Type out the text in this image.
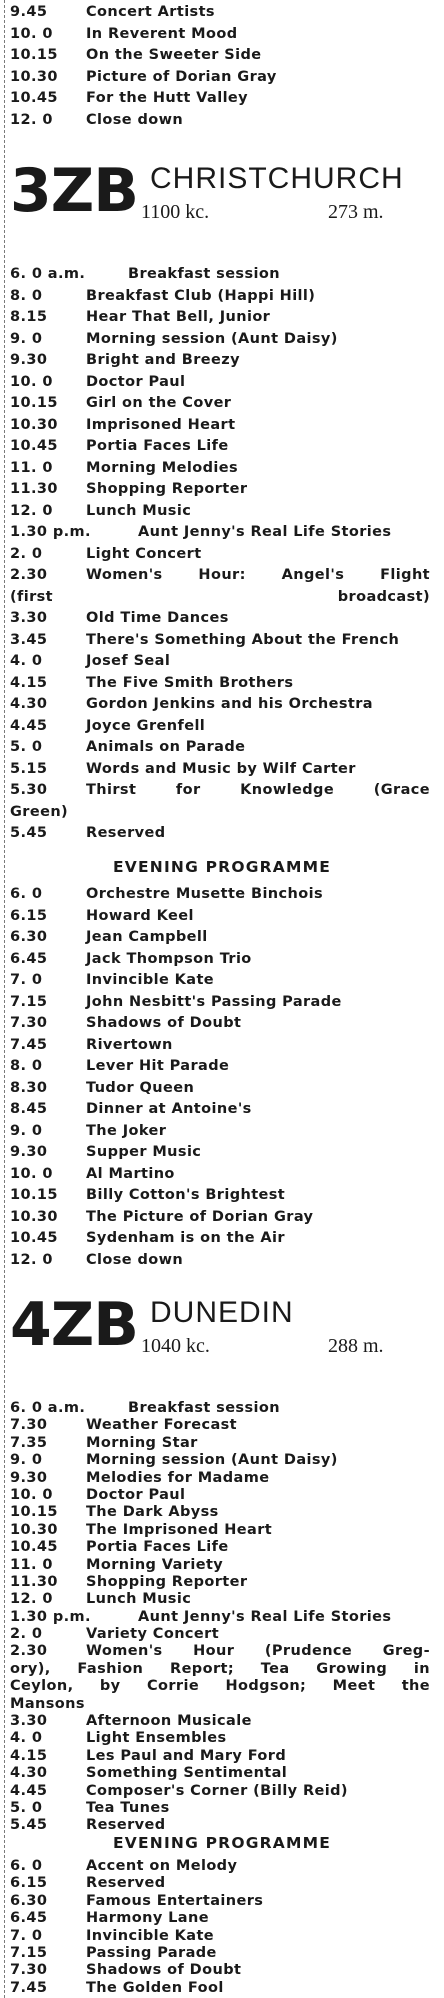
9.45	Concert Artists
10. 0	In Reverent Mood
10.15	On the Sweeter Side
10.30	Picture of Dorian Gray
10.45	For the Hutt Valley
12. 0	Close down
3ZB CHRISTCHURCH
1100 kc.	273 m.
6. 0 a.m.	Breakfast session
8. 0	Breakfast Club (Happi Hill)
8.15	Hear That Bell, Junior
9. 0	Morning session (Aunt Daisy)
9.30	Bright and Breezy
10. 0	Doctor Paul
10.15	Girl on the Cover
10.30	Imprisoned Heart
10.45	Portia Faces Life
11. 0	Morning Melodies
11.30	Shopping Reporter
12. 0	Lunch Music
1.30 p.m.	Aunt Jenny's Real Life Stories
2. 0	Light Concert
2.30	Women's Hour: Angel's Flight
(first broadcast)
3.30	Old Time Dances
3.45	There's Something About the French
4. 0	Josef Seal
4.15	The Five Smith Brothers
4.30	Gordon Jenkins and his Orchestra
4.45	Joyce Grenfell
5. 0	Animals on Parade
5.15	Words and Music by Wilf Carter
5.30	Thirst for Knowledge (Grace
Green)
5.45	Reserved
EVENING PROGRAMME
6. 0	Orchestre Musette Binchois
6.15	Howard Keel
6.30	Jean Campbell
6.45	Jack Thompson Trio
7. 0	Invincible Kate
7.15	John Nesbitt's Passing Parade
7.30	Shadows of Doubt
7.45	Rivertown
8. 0	Lever Hit Parade
8.30	Tudor Queen
8.45	Dinner at Antoine's
9. 0	The Joker
9.30	Supper Music
10. 0	Al Martino
10.15	Billy Cotton's Brightest
10.30	The Picture of Dorian Gray
10.45	Sydenham is on the Air
12. 0	Close down
4ZB DUNEDIN
1040 kc.	288 m.
6. 0 a.m.	Breakfast session
7.30	Weather Forecast
7.35	Morning Star
9. 0	Morning session (Aunt Daisy)
9.30	Melodies for Madame
10. 0	Doctor Paul
10.15	The Dark Abyss
10.30	The Imprisoned Heart
10.45	Portia Faces Life
11. 0	Morning Variety
11.30	Shopping Reporter
12. 0	Lunch Music
1.30 p.m.	Aunt Jenny's Real Life Stories
2. 0	Variety Concert
2.30	Women's Hour (Prudence Greg-
ory), Fashion Report; Tea Growing in
Ceylon, by Corrie Hodgson; Meet the
Mansons
3.30	Afternoon Musicale
4. 0	Light Ensembles
4.15	Les Paul and Mary Ford
4.30	Something Sentimental
4.45	Composer's Corner (Billy Reid)
5. 0	Tea Tunes
5.45	Reserved
EVENING PROGRAMME
6. 0	Accent on Melody
6.15	Reserved
6.30	Famous Entertainers
6.45	Harmony Lane
7. 0	Invincible Kate
7.15	Passing Parade
7.30	Shadows of Doubt
7.45	The Golden Fool
